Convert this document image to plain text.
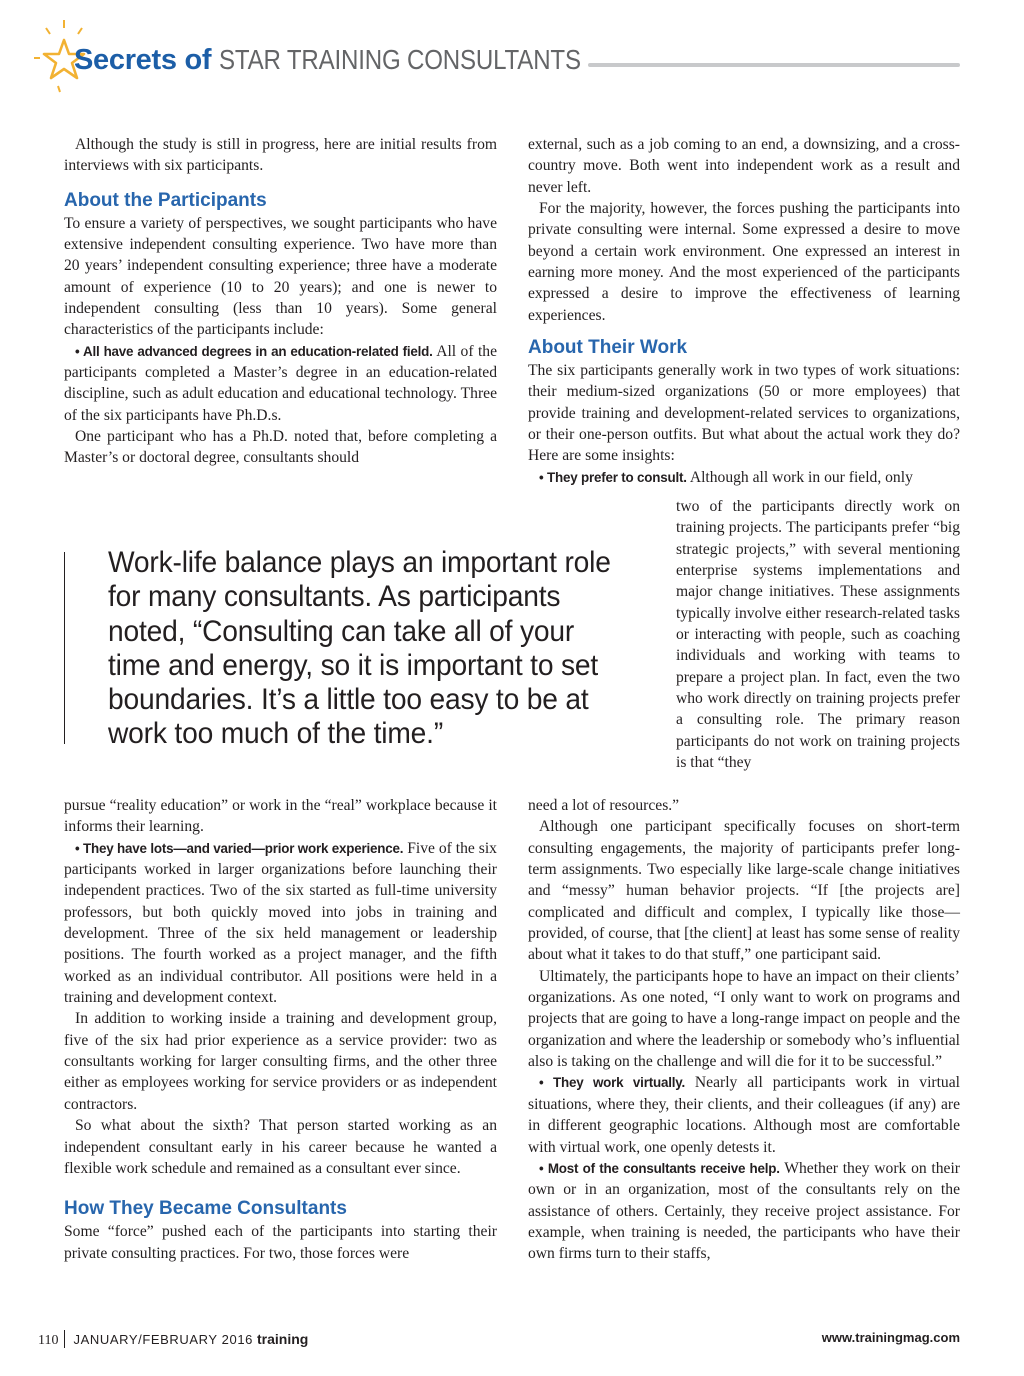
Secrets of STAR TRAINING CONSULTANTS

Although the study is still in progress, here are initial results from interviews with six participants.

About the Participants

To ensure a variety of perspectives, we sought participants who have extensive independent consulting experience. Two have more than 20 years’ independent consulting experience; three have a moderate amount of experience (10 to 20 years); and one is newer to independent consulting (less than 10 years). Some general characteristics of the participants include:

• All have advanced degrees in an education-related field. All of the participants completed a Master’s degree in an education-related discipline, such as adult education and educational technology. Three of the six participants have Ph.D.s.

One participant who has a Ph.D. noted that, before completing a Master’s or doctoral degree, consultants should

Work-life balance plays an important role for many consultants. As participants noted, “Consulting can take all of your time and energy, so it is important to set boundaries. It’s a little too easy to be at work too much of the time.”

pursue “reality education” or work in the “real” workplace because it informs their learning.

• They have lots—and varied—prior work experience. Five of the six participants worked in larger organizations before launching their independent practices. Two of the six started as full-time university professors, but both quickly moved into jobs in training and development. Three of the six held management or leadership positions. The fourth worked as a project manager, and the fifth worked as an individual contributor. All positions were held in a training and development context.

In addition to working inside a training and development group, five of the six had prior experience as a service provider: two as consultants working for larger consulting firms, and the other three either as employees working for service providers or as independent contractors.

So what about the sixth? That person started working as an independent consultant early in his career because he wanted a flexible work schedule and remained as a consultant ever since.

How They Became Consultants

Some “force” pushed each of the participants into starting their private consulting practices. For two, those forces were

external, such as a job coming to an end, a downsizing, and a cross-country move. Both went into independent work as a result and never left.

For the majority, however, the forces pushing the participants into private consulting were internal. Some expressed a desire to move beyond a certain work environment. One expressed an interest in earning more money. And the most experienced of the participants expressed a desire to improve the effectiveness of learning experiences.

About Their Work

The six participants generally work in two types of work situations: their medium-sized organizations (50 or more employees) that provide training and development-related services to organizations, or their one-person outfits. But what about the actual work they do? Here are some insights:

• They prefer to consult. Although all work in our field, only

two of the participants directly work on training projects. The participants prefer “big strategic projects,” with several mentioning enterprise systems implementations and major change initiatives. These assignments typically involve either research-related tasks or interacting with people, such as coaching individuals and working with teams to prepare a project plan. In fact, even the two who work directly on training projects prefer a consulting role. The primary reason participants do not work on training projects is that “they

need a lot of resources.”

Although one participant specifically focuses on short-term consulting engagements, the majority of participants prefer long-term assignments. Two especially like large-scale change initiatives and “messy” human behavior projects. “If [the projects are] complicated and difficult and complex, I typically like those—provided, of course, that [the client] at least has some sense of reality about what it takes to do that stuff,” one participant said.

Ultimately, the participants hope to have an impact on their clients’ organizations. As one noted, “I only want to work on programs and projects that are going to have a long-range impact on people and the organization and where the leadership or somebody who’s influential also is taking on the challenge and will die for it to be successful.”

• They work virtually. Nearly all participants work in virtual situations, where they, their clients, and their colleagues (if any) are in different geographic locations. Although most are comfortable with virtual work, one openly detests it.

• Most of the consultants receive help. Whether they work on their own or in an organization, most of the consultants rely on the assistance of others. Certainly, they receive project assistance. For example, when training is needed, the participants who have their own firms turn to their staffs,

110 JANUARY/FEBRUARY 2016 training	www.trainingmag.com
